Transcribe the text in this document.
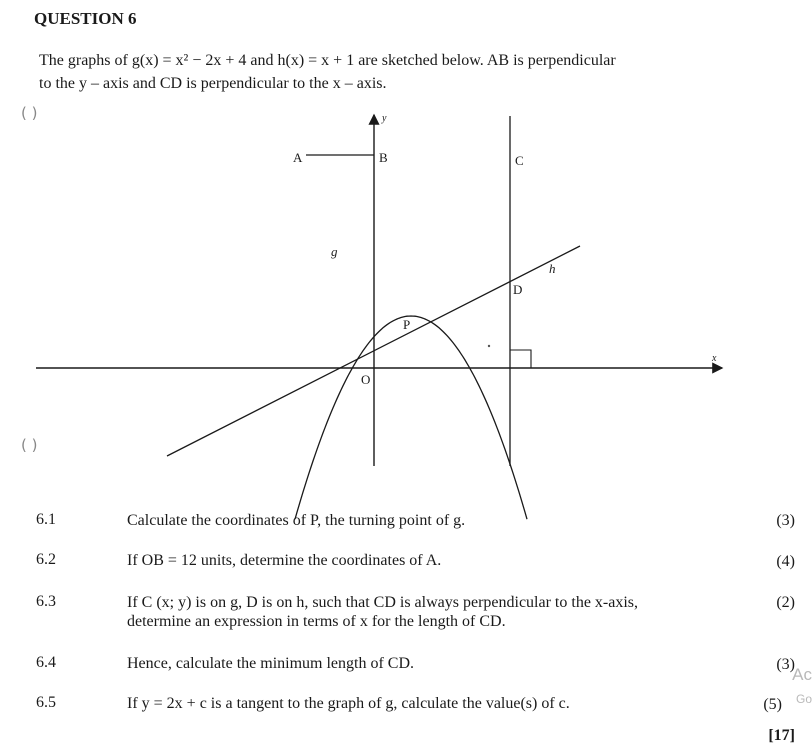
QUESTION 6
The graphs of g(x) = x² − 2x + 4 and h(x) = x + 1 are sketched below. AB is perpendicular
to the y – axis and CD is perpendicular to the x – axis.
( )
( )
A	B	C
D
P
O
g
h
x
y
6.1	Calculate the coordinates of P, the turning point of g.	(3)
6.2	If OB = 12 units, determine the coordinates of A.	(4)
6.3	If C (x; y) is on g, D is on h, such that CD is always perpendicular to the x-axis,
determine an expression in terms of x for the length of CD.
(2)
6.4	Hence, calculate the minimum length of CD.	(3)
6.5	If y = 2x + c is a tangent to the graph of g, calculate the value(s) of c.	(5)
[17]
Ac
Go
